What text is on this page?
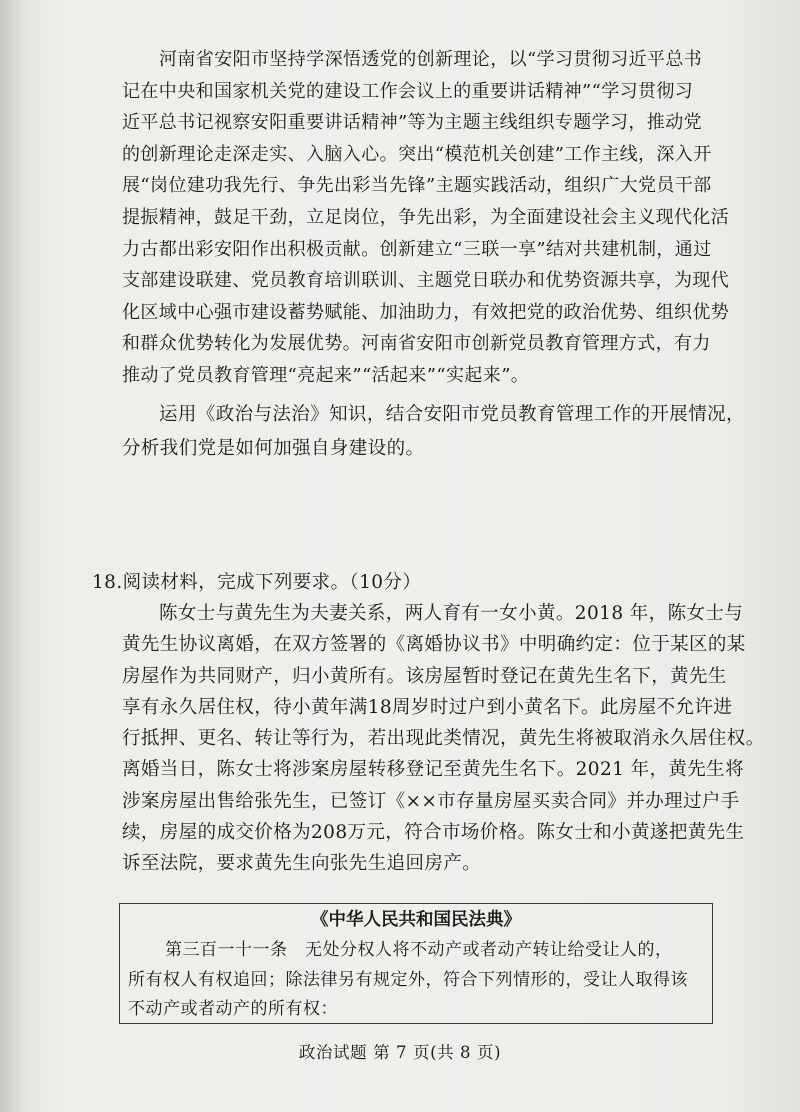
河南省安阳市坚持学深悟透党的创新理论，以“学习贯彻习近平总书
记在中央和国家机关党的建设工作会议上的重要讲话精神”“学习贯彻习
近平总书记视察安阳重要讲话精神”等为主题主线组织专题学习，推动党
的创新理论走深走实、入脑入心。突出“模范机关创建”工作主线，深入开
展“岗位建功我先行、争先出彩当先锋”主题实践活动，组织广大党员干部
提振精神，鼓足干劲，立足岗位，争先出彩，为全面建设社会主义现代化活
力古都出彩安阳作出积极贡献。创新建立“三联一享”结对共建机制，通过
支部建设联建、党员教育培训联训、主题党日联办和优势资源共享，为现代
化区域中心强市建设蓄势赋能、加油助力，有效把党的政治优势、组织优势
和群众优势转化为发展优势。河南省安阳市创新党员教育管理方式，有力
推动了党员教育管理“亮起来”“活起来”“实起来”。

运用《政治与法治》知识，结合安阳市党员教育管理工作的开展情况，
分析我们党是如何加强自身建设的。

18.阅读材料，完成下列要求。（10分）

陈女士与黄先生为夫妻关系，两人育有一女小黄。2018 年，陈女士与
黄先生协议离婚，在双方签署的《离婚协议书》中明确约定：位于某区的某
房屋作为共同财产，归小黄所有。该房屋暂时登记在黄先生名下，黄先生
享有永久居住权，待小黄年满18周岁时过户到小黄名下。此房屋不允许进
行抵押、更名、转让等行为，若出现此类情况，黄先生将被取消永久居住权。
离婚当日，陈女士将涉案房屋转移登记至黄先生名下。2021 年，黄先生将
涉案房屋出售给张先生，已签订《××市存量房屋买卖合同》并办理过户手
续，房屋的成交价格为208万元，符合市场价格。陈女士和小黄遂把黄先生
诉至法院，要求黄先生向张先生追回房产。

《中华人民共和国民法典》

第三百一十一条　无处分权人将不动产或者动产转让给受让人的，
所有权人有权追回；除法律另有规定外，符合下列情形的，受让人取得该
不动产或者动产的所有权：

政治试题 第 7 页(共 8 页)
